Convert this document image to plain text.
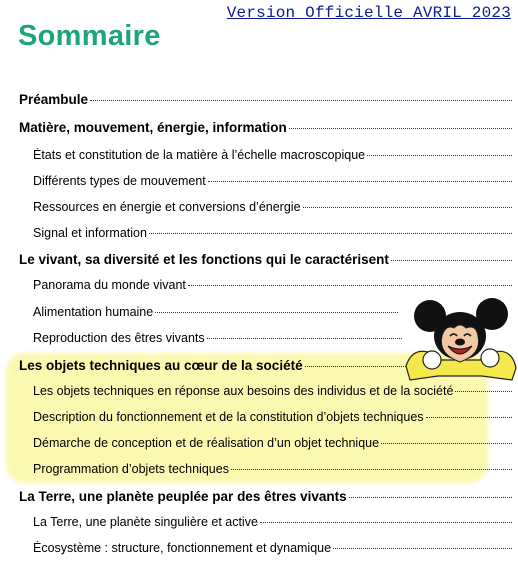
Version Officielle AVRIL 2023
Sommaire
Préambule
Matière, mouvement, énergie, information
États et constitution de la matière à l’échelle macroscopique
Différents types de mouvement
Ressources en énergie et conversions d’énergie
Signal et information
Le vivant, sa diversité et les fonctions qui le caractérisent
Panorama du monde vivant
Alimentation humaine
Reproduction des êtres vivants
Les objets techniques au cœur de la société
Les objets techniques en réponse aux besoins des individus et de la société
Description du fonctionnement et de la constitution d’objets techniques
Démarche de conception et de réalisation d’un objet technique
Programmation d’objets techniques
La Terre, une planète peuplée par des êtres vivants
La Terre, une planète singulière et active
Écosystème : structure, fonctionnement et dynamique
